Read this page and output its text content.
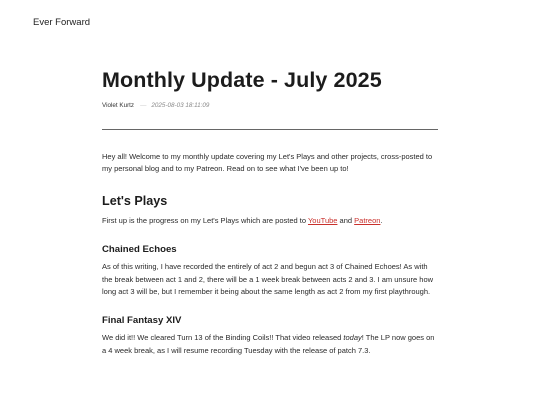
Ever Forward
Monthly Update - July 2025
Violet Kurtz — 2025-08-03 18:11:09

Hey all! Welcome to my monthly update covering my Let's Plays and other projects, cross-posted to my personal blog and to my Patreon. Read on to see what I've been up to!

Let's Plays

First up is the progress on my Let's Plays which are posted to YouTube and Patreon.

Chained Echoes

As of this writing, I have recorded the entirely of act 2 and begun act 3 of Chained Echoes! As with the break between act 1 and 2, there will be a 1 week break between acts 2 and 3. I am unsure how long act 3 will be, but I remember it being about the same length as act 2 from my first playthrough.

Final Fantasy XIV

We did it!! We cleared Turn 13 of the Binding Coils!! That video released today! The LP now goes on a 4 week break, as I will resume recording Tuesday with the release of patch 7.3.
